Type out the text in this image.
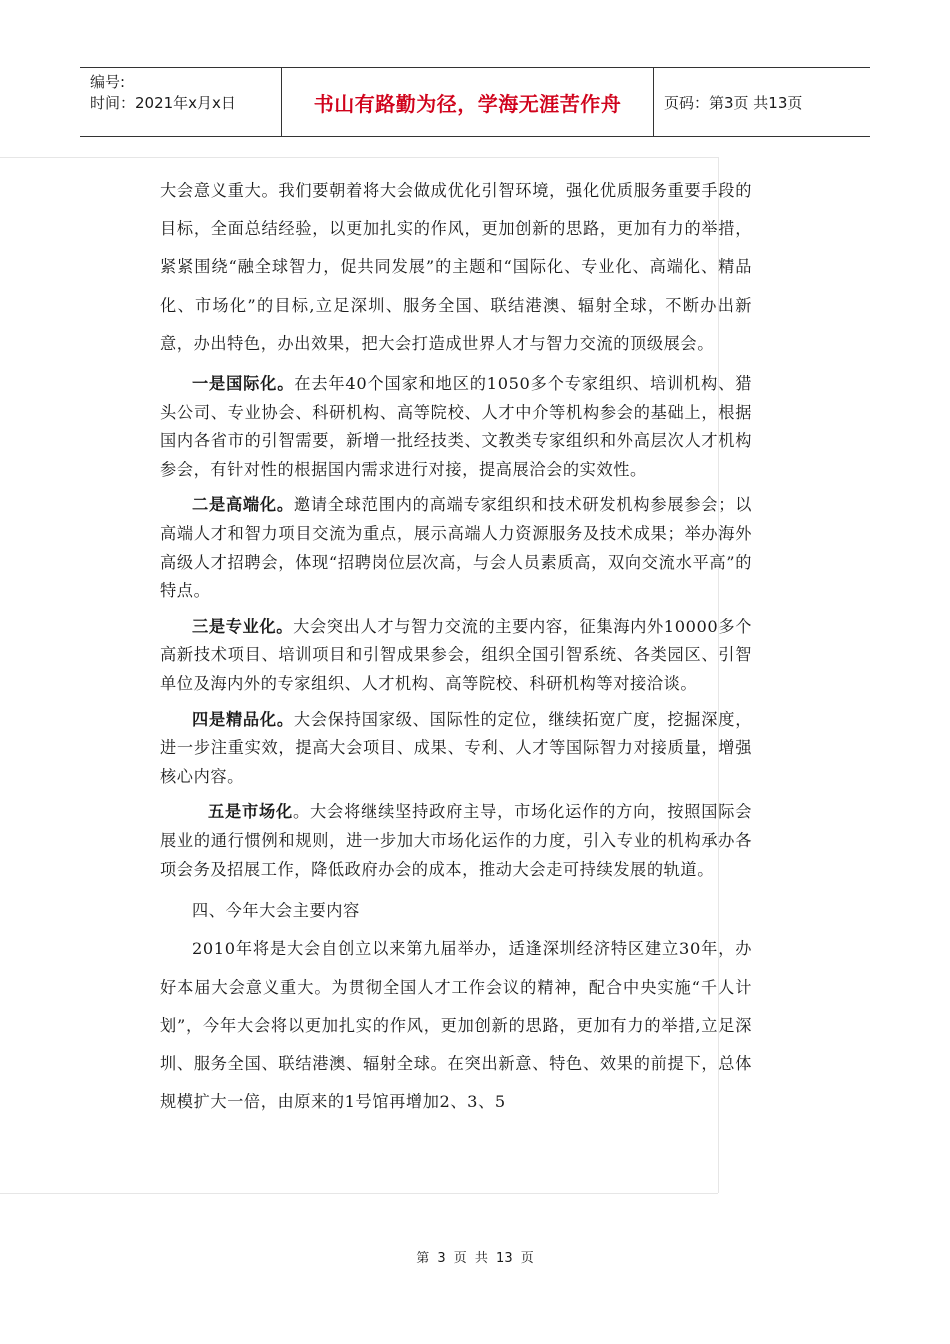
编号:
时间：2021年x月x日	书山有路勤为径，学海无涯苦作舟	页码：第3页 共13页

大会意义重大。我们要朝着将大会做成优化引智环境，强化优质服务重要手段的目标，全面总结经验，以更加扎实的作风，更加创新的思路，更加有力的举措，紧紧围绕“融全球智力，促共同发展”的主题和“国际化、专业化、高端化、精品化、市场化”的目标,立足深圳、服务全国、联结港澳、辐射全球，不断办出新意，办出特色，办出效果，把大会打造成世界人才与智力交流的顶级展会。

一是国际化。在去年40个国家和地区的1050多个专家组织、培训机构、猎头公司、专业协会、科研机构、高等院校、人才中介等机构参会的基础上，根据国内各省市的引智需要，新增一批经技类、文教类专家组织和外高层次人才机构参会，有针对性的根据国内需求进行对接，提高展洽会的实效性。

二是高端化。邀请全球范围内的高端专家组织和技术研发机构参展参会；以高端人才和智力项目交流为重点，展示高端人力资源服务及技术成果；举办海外高级人才招聘会，体现“招聘岗位层次高，与会人员素质高，双向交流水平高”的特点。

三是专业化。大会突出人才与智力交流的主要内容，征集海内外10000多个高新技术项目、培训项目和引智成果参会，组织全国引智系统、各类园区、引智单位及海内外的专家组织、人才机构、高等院校、科研机构等对接洽谈。

四是精品化。大会保持国家级、国际性的定位，继续拓宽广度，挖掘深度，进一步注重实效，提高大会项目、成果、专利、人才等国际智力对接质量，增强核心内容。

五是市场化。大会将继续坚持政府主导，市场化运作的方向，按照国际会展业的通行惯例和规则，进一步加大市场化运作的力度，引入专业的机构承办各项会务及招展工作，降低政府办会的成本，推动大会走可持续发展的轨道。

四、今年大会主要内容

2010年将是大会自创立以来第九届举办，适逢深圳经济特区建立30年，办好本届大会意义重大。为贯彻全国人才工作会议的精神，配合中央实施“千人计划”，今年大会将以更加扎实的作风，更加创新的思路，更加有力的举措,立足深圳、服务全国、联结港澳、辐射全球。在突出新意、特色、效果的前提下，总体规模扩大一倍，由原来的1号馆再增加2、3、5

第 3 页 共 13 页
